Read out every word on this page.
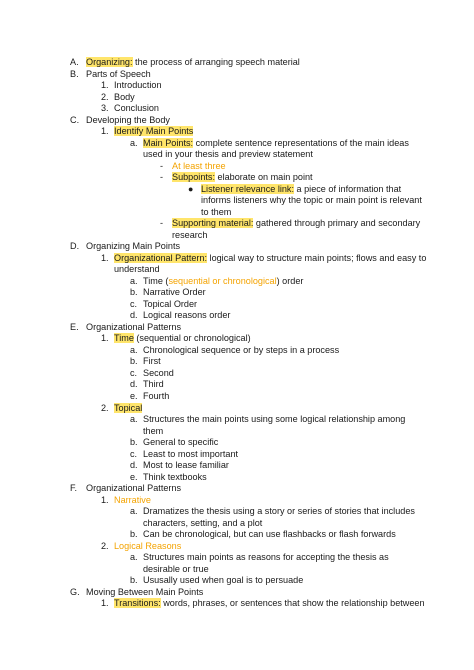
A. Organizing: the process of arranging speech material
B. Parts of Speech
1. Introduction
2. Body
3. Conclusion
C. Developing the Body
1. Identify Main Points
a. Main Points: complete sentence representations of the main ideas
used in your thesis and preview statement
- At least three
- Subpoints: elaborate on main point
● Listener relevance link: a piece of information that
informs listeners why the topic or main point is relevant
to them
- Supporting material: gathered through primary and secondary
research
D. Organizing Main Points
1. Organizational Pattern: logical way to structure main points; flows and easy to
understand
a. Time (sequential or chronological) order
b. Narrative Order
c. Topical Order
d. Logical reasons order
E. Organizational Patterns
1. Time (sequential or chronological)
a. Chronological sequence or by steps in a process
b. First
c. Second
d. Third
e. Fourth
2. Topical
a. Structures the main points using some logical relationship among
them
b. General to specific
c. Least to most important
d. Most to lease familiar
e. Think textbooks
F. Organizational Patterns
1. Narrative
a. Dramatizes the thesis using a story or series of stories that includes
characters, setting, and a plot
b. Can be chronological, but can use flashbacks or flash forwards
2. Logical Reasons
a. Structures main points as reasons for accepting the thesis as
desirable or true
b. Ususally used when goal is to persuade
G. Moving Between Main Points
1. Transitions: words, phrases, or sentences that show the relationship between
